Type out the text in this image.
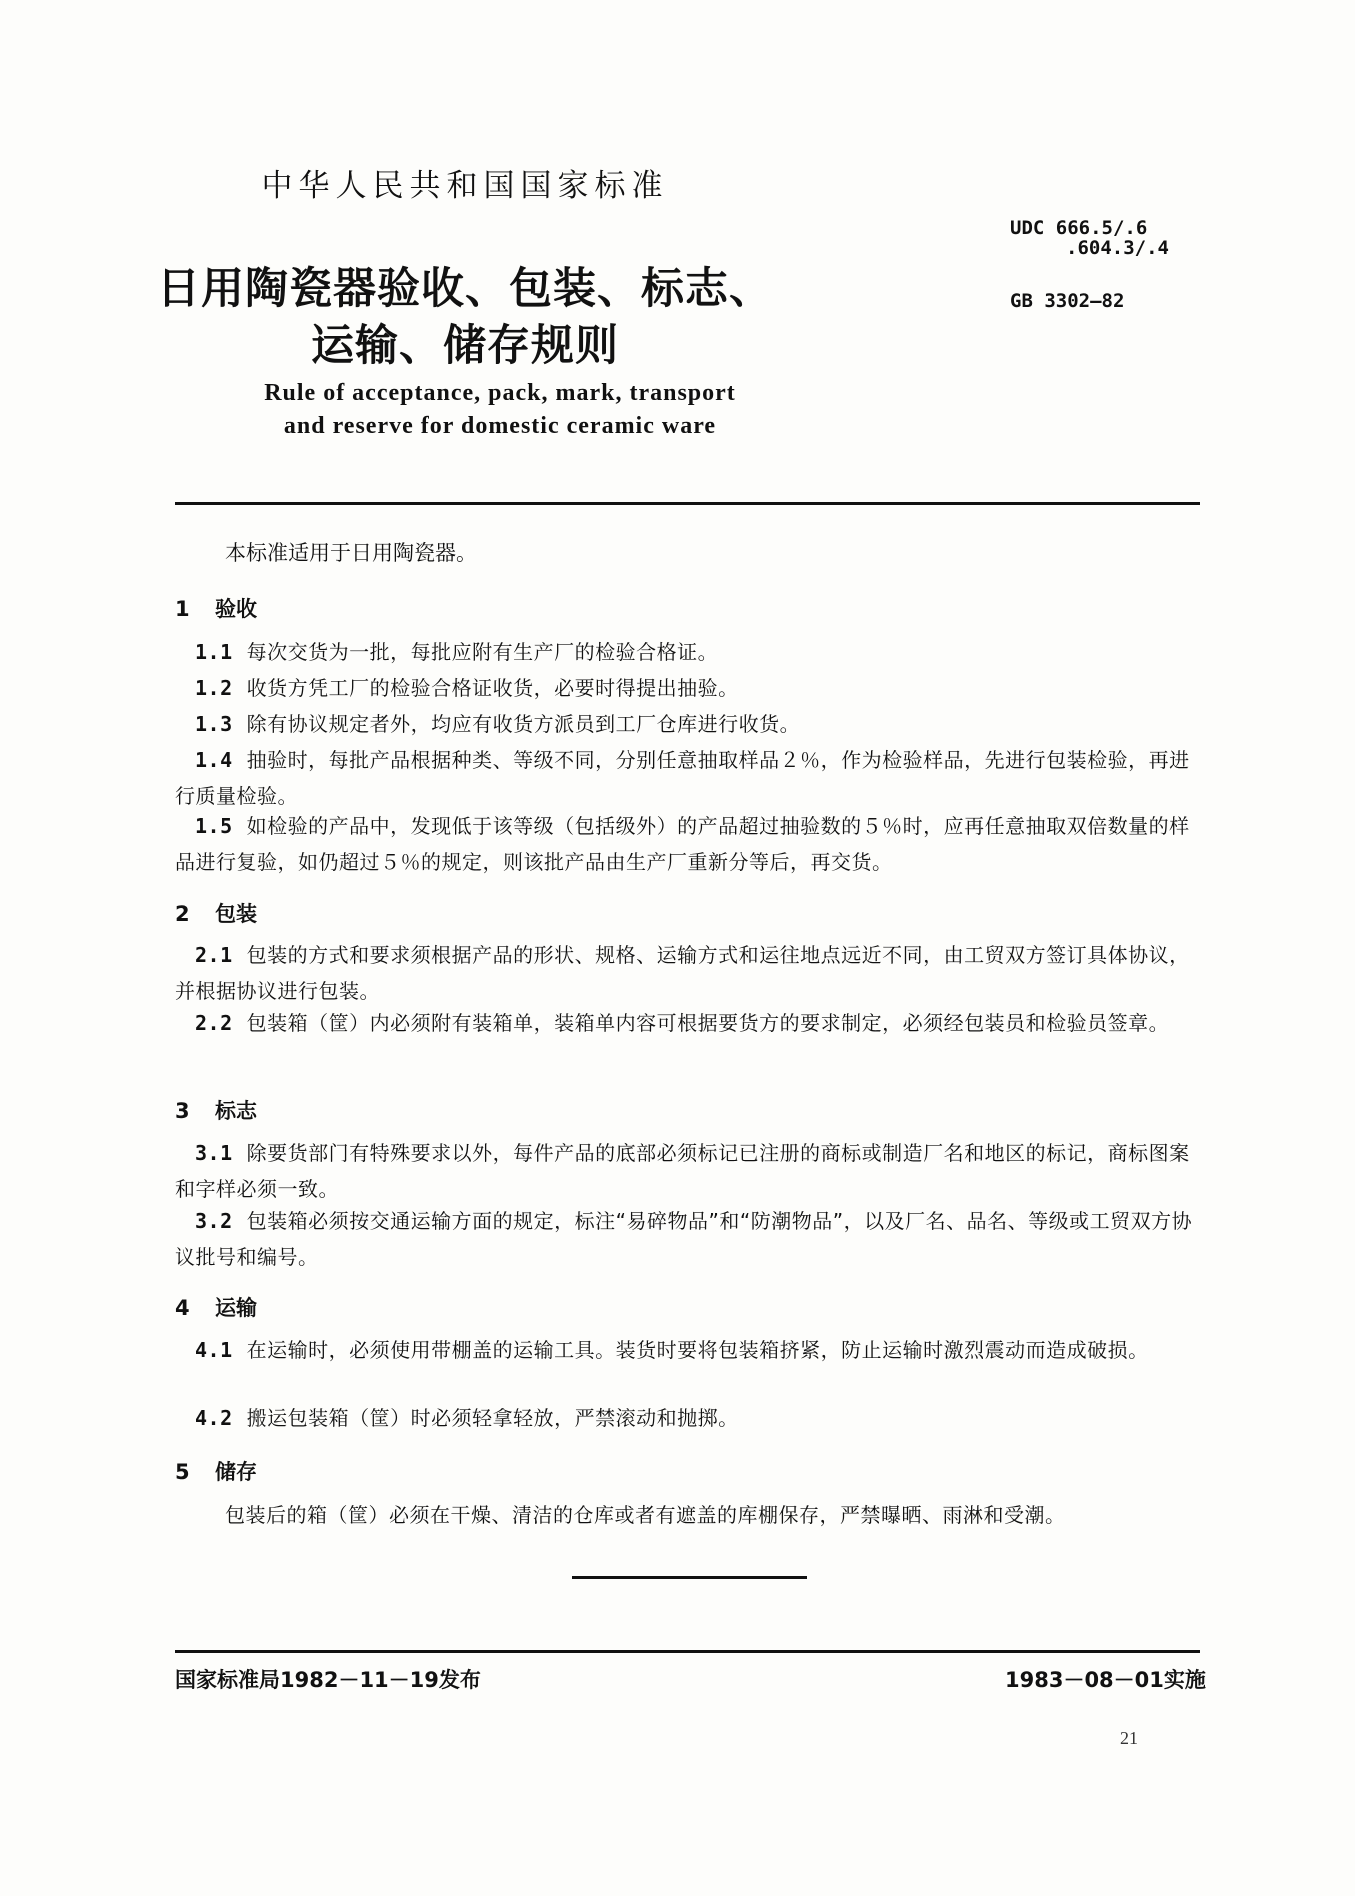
中华人民共和国国家标准
UDC 666.5/.6
.604.3/.4
GB 3302—82
日用陶瓷器验收、包装、标志、
运输、储存规则
Rule of acceptance, pack, mark, transport
and reserve for domestic ceramic ware
本标准适用于日用陶瓷器。
1 验收
1.1 每次交货为一批，每批应附有生产厂的检验合格证。
1.2 收货方凭工厂的检验合格证收货，必要时得提出抽验。
1.3 除有协议规定者外，均应有收货方派员到工厂仓库进行收货。
1.4 抽验时，每批产品根据种类、等级不同，分别任意抽取样品２％，作为检验样品，先进行包装检验，再进行质量检验。
1.5 如检验的产品中，发现低于该等级（包括级外）的产品超过抽验数的５％时，应再任意抽取双倍数量的样品进行复验，如仍超过５％的规定，则该批产品由生产厂重新分等后，再交货。
2 包装
2.1 包装的方式和要求须根据产品的形状、规格、运输方式和运往地点远近不同，由工贸双方签订具体协议，并根据协议进行包装。
2.2 包装箱（筐）内必须附有装箱单，装箱单内容可根据要货方的要求制定，必须经包装员和检验员签章。
3 标志
3.1 除要货部门有特殊要求以外，每件产品的底部必须标记已注册的商标或制造厂名和地区的标记，商标图案和字样必须一致。
3.2 包装箱必须按交通运输方面的规定，标注“易碎物品”和“防潮物品”，以及厂名、品名、等级或工贸双方协议批号和编号。
4 运输
4.1 在运输时，必须使用带棚盖的运输工具。装货时要将包装箱挤紧，防止运输时激烈震动而造成破损。
4.2 搬运包装箱（筐）时必须轻拿轻放，严禁滚动和抛掷。
5 储存
包装后的箱（筐）必须在干燥、清洁的仓库或者有遮盖的库棚保存，严禁曝晒、雨淋和受潮。
国家标准局1982－11－19发布	1983－08－01实施
21
